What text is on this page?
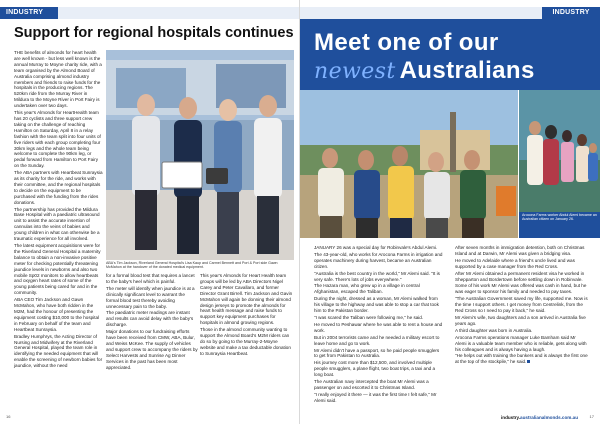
INDUSTRY NEWS
Support for regional hospitals continues

THE benefits of almonds for heart health are well known - but less well known is the annual Murray to Moyne charity ride, with a team organised by the Almond Board of Australia comprising almond industry members and friends to raise funds for the hospitals in the producing regions. The 520km ride from the Murray River in Mildura to the Moyne River in Port Fairy is undertaken over two days.

This year's Almonds for HeartHealth team has 20 cyclists and three support crew taking on the challenge of reaching Hamilton on Saturday, April 8 in a relay fashion with the team split into four units of five riders with each group completing four 30km legs and the whole team being welcome to complete the 90km leg, or pedal forward from Hamilton to Port Fairy on the Sunday.

The ABA partners with Heartbeat Sunraysia as its charity for the ride, and works with their committee, and the regional hospitals to decide on the equipment to be purchased with the funding from the rides donations.

The partnership has provided the Mildura Base Hospital with a paediatric ultrasound unit to assist the accurate insertion of cannulas into the veins of babies and young children in what can otherwise be a traumatic experience for all involved.

The latest equipment acquisitions were for the Riverland General Hospital a maternity balance to obtain a non-invasive positive meter for checking potentially threatening jaundice levels in newborns and also two mobile Sp02 monitors to allow heartbeats and oxygen heart rates of some of the young patients being cared for and in the community.

ABA CEO Tim Jackson and Gawn McMahon, who have both ridden in the M2M, had the honour of presenting the equipment costing $10,000 to the hospital in February on behalf of the team and Heartbeat Sunraysia.

Bradley Humphrys, the Acting Director of Nursing and Midwifery at the Riverland General Hospital, played the team role in identifying the needed equipment that will enable the screening of newborn babies for jaundice, without the need

ABA's Tim Jackson, Riverland General Hospital's Lisa Kaup and Carmel Bennett and Port & Port side Gawn McMahon at the handover of the donated medical equipment.

for a formal blood test that requires a lancet to the baby's heel which is painful.

The meter will identify when jaundice is at a clinically significant level to warrant the formal blood test thereby avoiding unnecessary pain to the baby.

The paediatric meter readings are instant and results can avoid delay with the baby's discharge.

Major donations to our fundraising efforts have been received from CMW, ABA, Bulur, and Weiss McKee. The supply of vehicles and support crew to accompany the riders by Select Harvests and Sunrise Ag Dinner Services in the past has been most appreciated.

This year's Almonds for Heart Health team groups will be led by ABA Directors Nigel Carey and Peter Cavallaro, and former Director Grant Birrell. Tim Jackson and Gavin McMahon will again be donning their almond design jerseys to promote the almonds for heart health message and raise funds to support key equipment purchases for hospitals in almond growing regions.

Those in the almond community wanting to support the Almond Board's M2M riders can do so by going to the Murray-2-Moyne website and make a tax deductable donation to Sunraysia Heartbeat.

16
INDUSTRY
Meet one of our
newest Australians

Arocona Farms worker Abdul Alemi became an Australian citizen on January 26.

JANUARY 26 was a special day for Robinvale's Abdul Alemi.

The 43-year-old, who works for Arocona Farms in irrigation and operates machinery during harvest, became an Australian citizen.

"Australia is the best country in the world," Mr Alemi said. "It is very safe. There's lots of jobs everywhere."

The Hazara man, who grew up in a village in central Afghanistan, escaped the Taliban.

During the night, dressed as a woman, Mr Alemi walked from his village to the highway and was able to stop a car that took him to the Pakistan border.

"I was scared the Taliban were following me," he said.

He moved to Peshawar where he was able to rent a house and work.

But in 2004 terrorists came and he needed a military escort to leave home and go to work.

Mr Alemi didn't have a passport, so he paid people smugglers to get from Pakistan to Australia.

His journey cost more than $12,500, and involved multiple people smugglers, a plane flight, two boat trips, a taxi and a long boat.

The Australian navy intercepted the boat Mr Alemi was a passenger on and escorted it to Christmas Island.

"I really enjoyed it there — it was the first time I felt safe," Mr Alemi said.

After seven months in immigration detention, both on Christmas Island and at Darwin, Mr Alemi was given a bridging visa.

He moved to Adelaide where a friend's uncle lived and was supported by a case manager from the Red Cross.

After Mr Alemi obtained a permanent resident visa he worked in Shepparton and Bordertown before settling down in Robinvale.

Some of his work Mr Alemi was offered was cash in hand, but he was eager to sponsor his family and needed to pay taxes.

"The Australian Government saved my life, supported me. Now is the time I support others. I get money from Centrelink, from the Red Cross so I need to pay it back," he said.

Mr Alemi's wife, two daughters and a son arrived in Australia five years ago.

A third daughter was born in Australia.

Arocona Farms operations manager Luke Bamham said Mr Alemi is a valuable team member who is reliable, gets along with his colleagues and is always having a laugh.

"He helps out with training the bunkers and is always the first one at the top of the stockpile," he said.

industry.australianalmonds.com.au	17
